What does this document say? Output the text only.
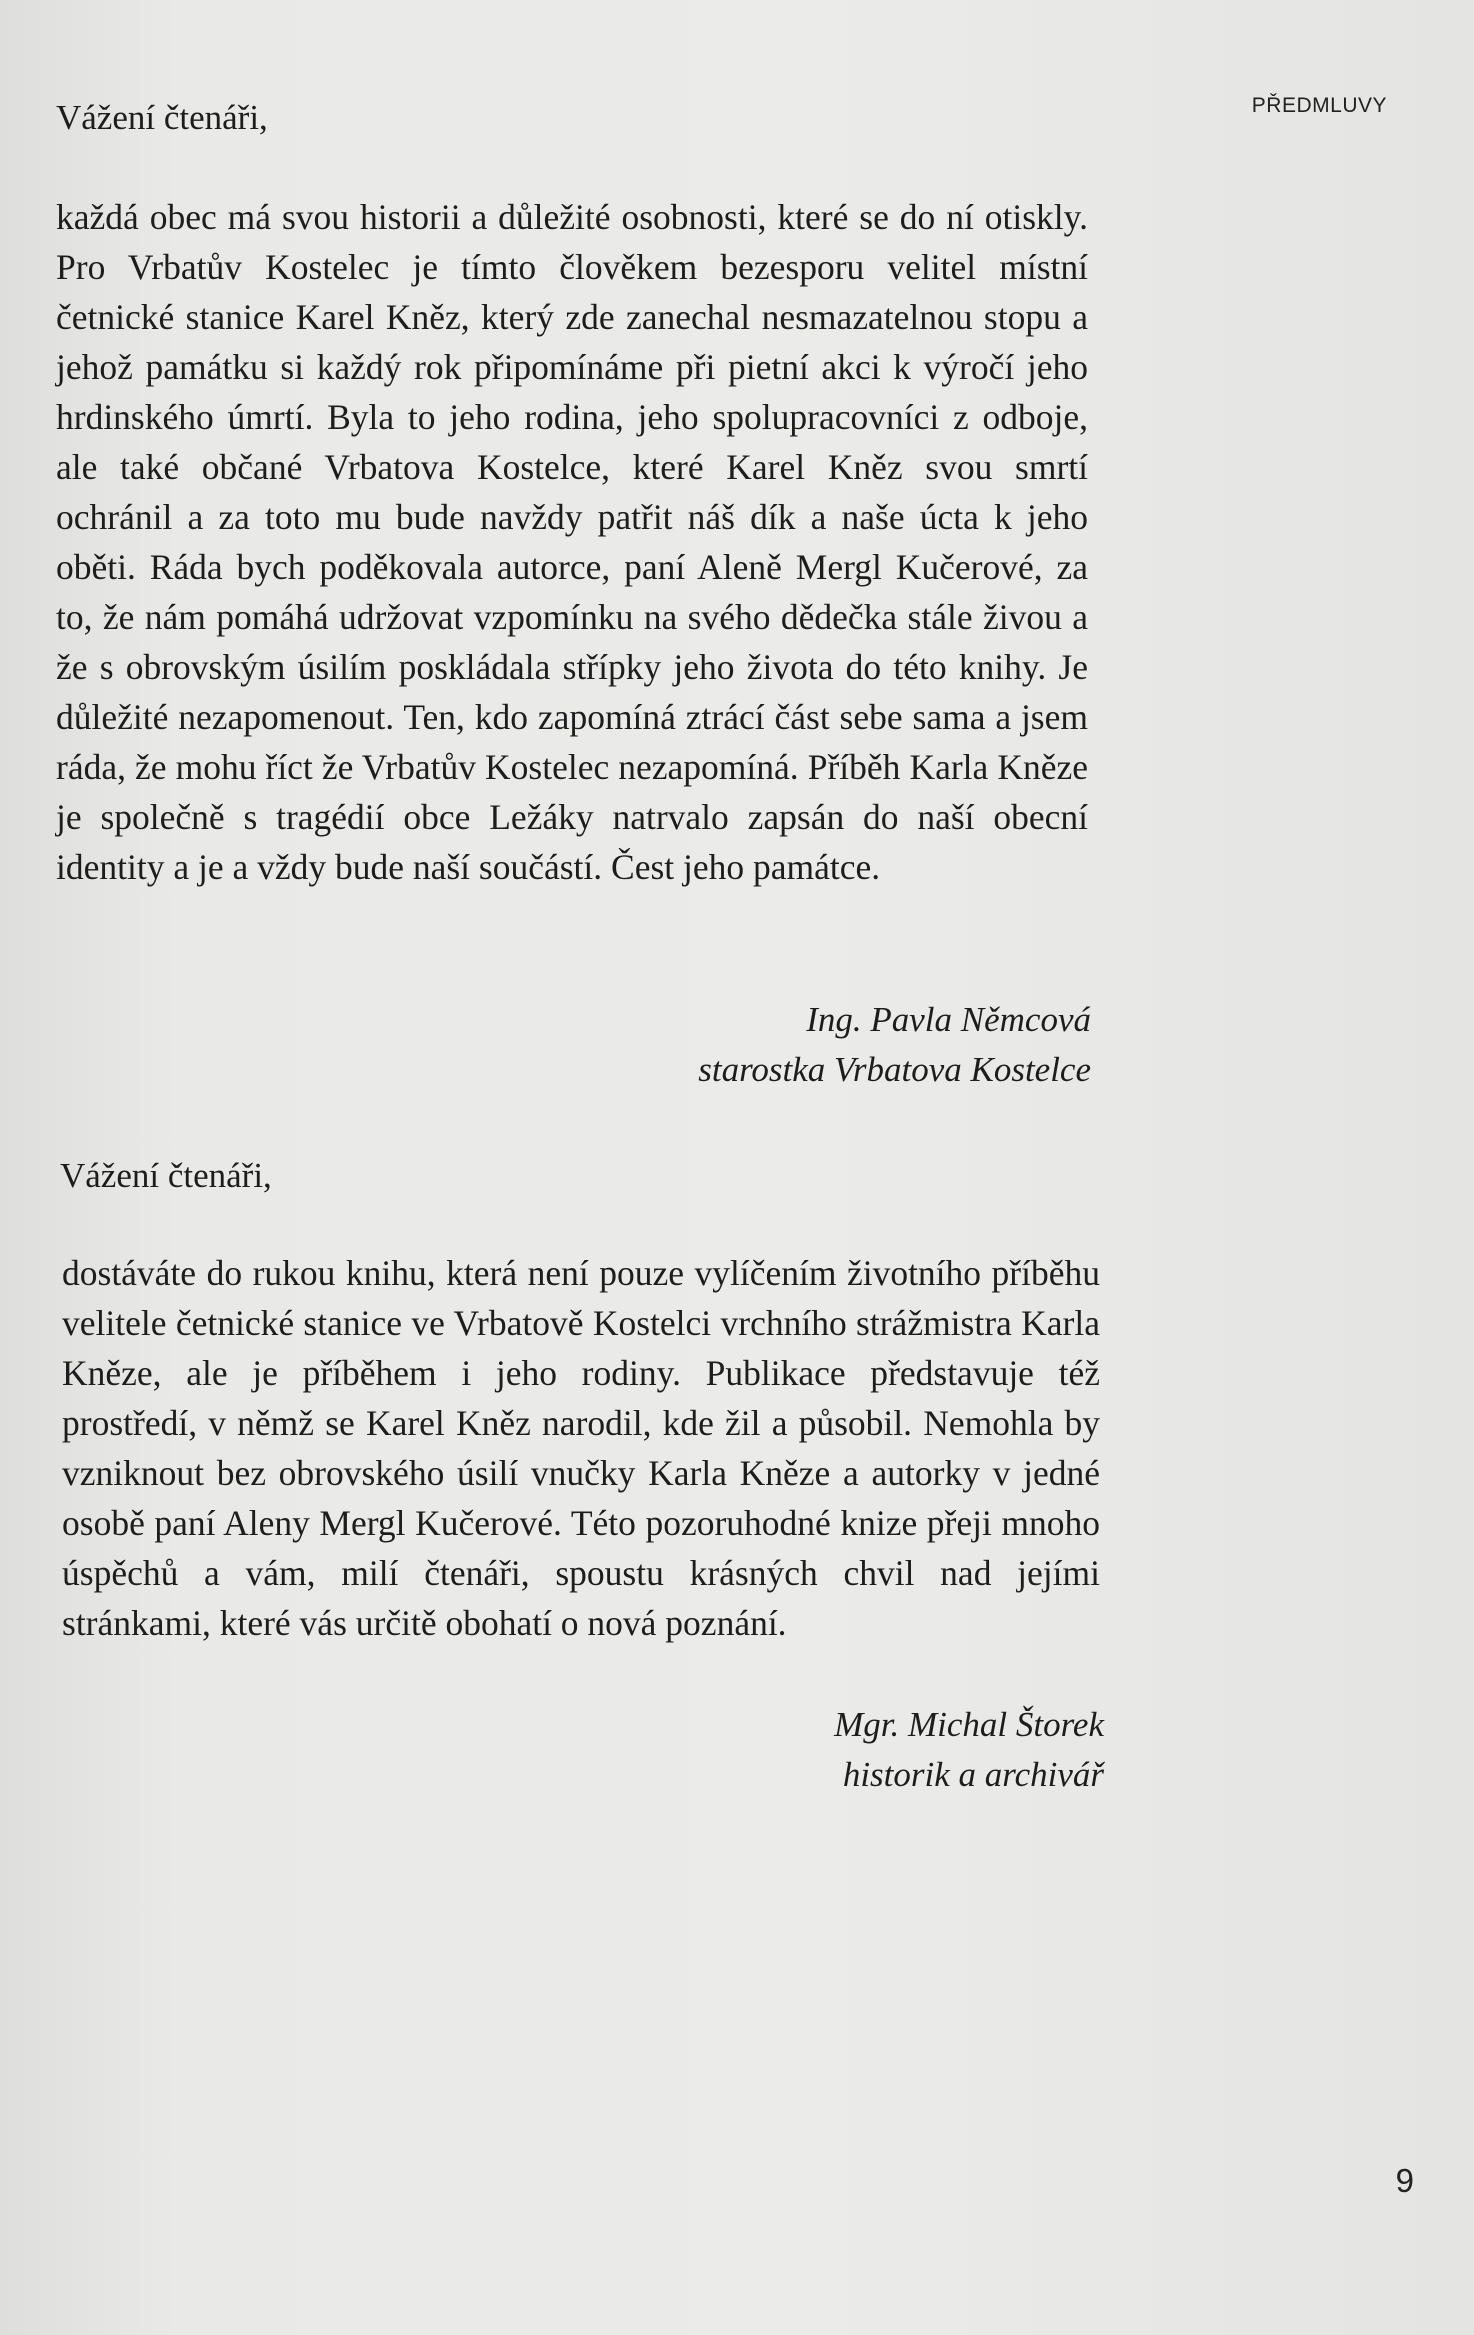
PŘEDMLUVY
Vážení čtenáři,

každá obec má svou historii a důležité osobnosti, které se do ní otiskly. Pro Vrbatův Kostelec je tímto člověkem bezesporu velitel místní četnické stanice Karel Kněz, který zde zanechal nesmazatelnou stopu a jehož památku si každý rok připomínáme při pietní akci k výročí jeho hrdinského úmrtí. Byla to jeho rodina, jeho spolupracovníci z odboje, ale také občané Vrbatova Kostelce, které Karel Kněz svou smrtí ochránil a za toto mu bude navždy patřit náš dík a naše úcta k jeho oběti. Ráda bych poděkovala autorce, paní Aleně Mergl Kučerové, za to, že nám pomáhá udržovat vzpomínku na svého dědečka stále živou a že s obrovským úsilím poskládala střípky jeho života do této knihy. Je důležité nezapomenout. Ten, kdo zapomíná ztrácí část sebe sama a jsem ráda, že mohu říct že Vrbatův Kostelec nezapomíná. Příběh Karla Kněze je společně s tragédií obce Ležáky natrvalo zapsán do naší obecní identity a je a vždy bude naší součástí. Čest jeho památce.

Ing. Pavla Němcová
starostka Vrbatova Kostelce
Vážení čtenáři,

dostáváte do rukou knihu, která není pouze vylíčením životního příběhu velitele četnické stanice ve Vrbatově Kostelci vrchního strážmistra Karla Kněze, ale je příběhem i jeho rodiny. Publikace představuje též prostředí, v němž se Karel Kněz narodil, kde žil a působil. Nemohla by vzniknout bez obrovského úsilí vnučky Karla Kněze a autorky v jedné osobě paní Aleny Mergl Kučerové. Této pozoruhodné knize přeji mnoho úspěchů a vám, milí čtenáři, spoustu krásných chvil nad jejími stránkami, které vás určitě obohatí o nová poznání.

Mgr. Michal Štorek
historik a archivář
9
